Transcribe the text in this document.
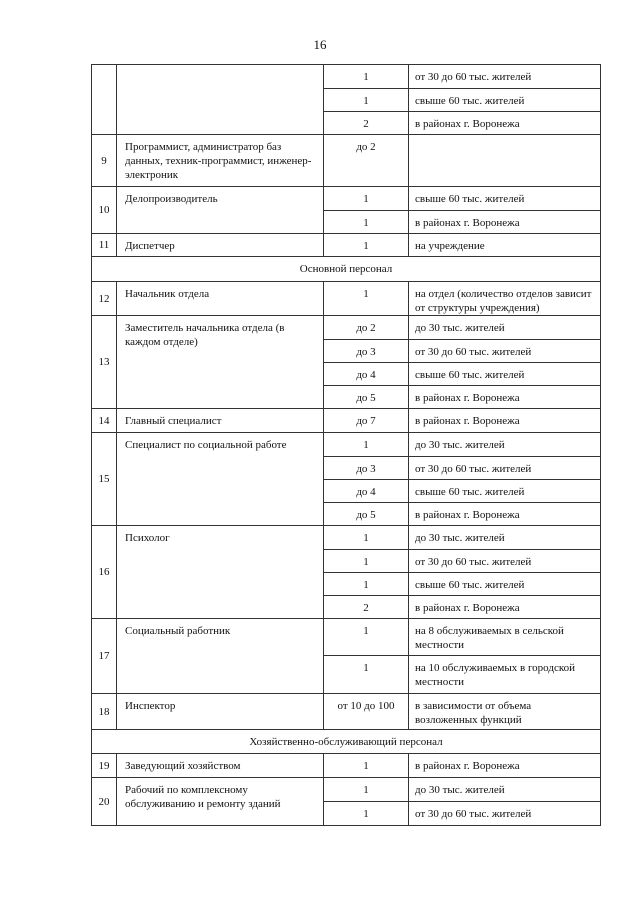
16
		1	от 30 до 60 тыс. жителей
		1	свыше 60 тыс. жителей
		2	в районах г. Воронежа
9	Программист, администратор баз данных, техник-программист, инженер-электроник	до 2	
10	Делопроизводитель	1	свыше 60 тыс. жителей
		1	в районах г. Воронежа
11	Диспетчер	1	на учреждение
Основной персонал			
12	Начальник отдела	1	на отдел (количество отделов зависит от структуры учреждения)
13	Заместитель начальника отдела (в каждом отделе)	до 2	до 30 тыс. жителей
		до 3	от 30 до 60 тыс. жителей
		до 4	свыше 60 тыс. жителей
		до 5	в районах г. Воронежа
14	Главный специалист	до 7	в районах г. Воронежа
15	Специалист по социальной работе	1	до 30 тыс. жителей
		до 3	от 30 до 60 тыс. жителей
		до 4	свыше 60 тыс. жителей
		до 5	в районах г. Воронежа
16	Психолог	1	до 30 тыс. жителей
		1	от 30 до 60 тыс. жителей
		1	свыше 60 тыс. жителей
		2	в районах г. Воронежа
17	Социальный работник	1	на 8 обслуживаемых в сельской местности
		1	на 10 обслуживаемых в городской местности
18	Инспектор	от 10 до 100	в зависимости от объема возложенных функций
Хозяйственно-обслуживающий персонал			
19	Заведующий хозяйством	1	в районах г. Воронежа
20	Рабочий по комплексному обслуживанию и ремонту зданий	1	до 30 тыс. жителей
		1	от 30 до 60 тыс. жителей
